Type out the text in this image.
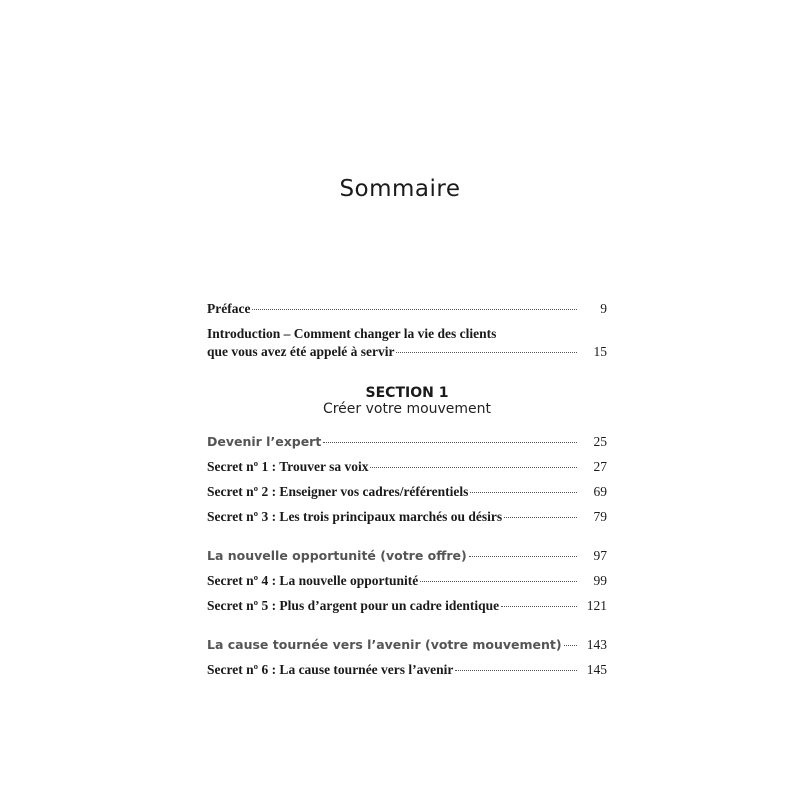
Sommaire
Préface	9
Introduction – Comment changer la vie des clients
que vous avez été appelé à servir	15
SECTION 1
Créer votre mouvement
Devenir l’expert	25
Secret nº 1 : Trouver sa voix	27
Secret nº 2 : Enseigner vos cadres/référentiels	69
Secret nº 3 : Les trois principaux marchés ou désirs	79
La nouvelle opportunité (votre offre)	97
Secret nº 4 : La nouvelle opportunité	99
Secret nº 5 : Plus d’argent pour un cadre identique	121
La cause tournée vers l’avenir (votre mouvement) 143
Secret nº 6 : La cause tournée vers l’avenir	145
